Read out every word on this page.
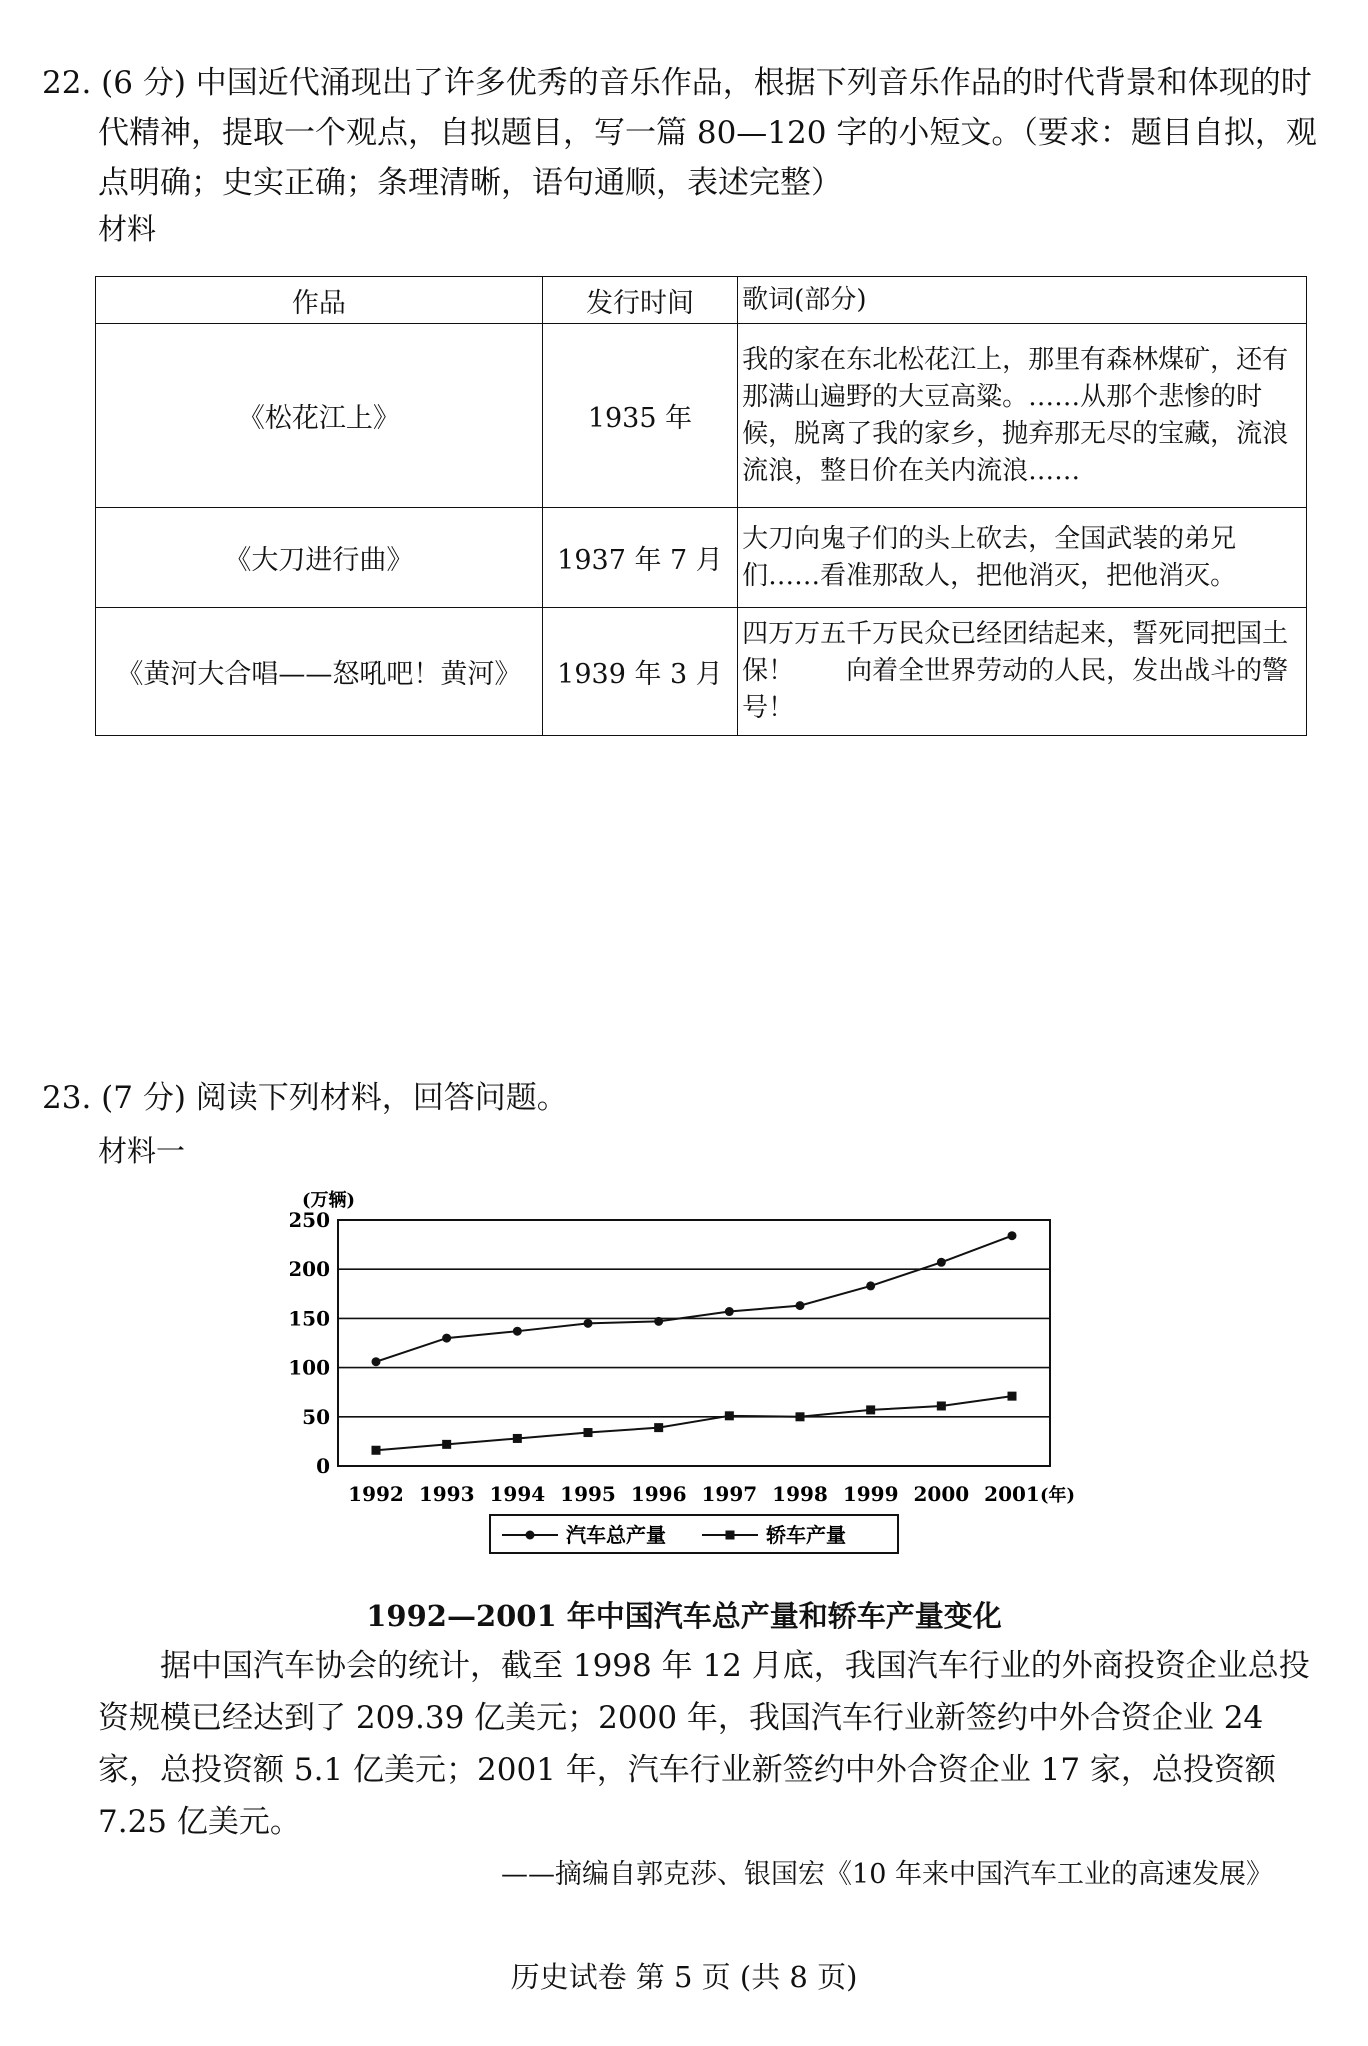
22. (6 分) 中国近代涌现出了许多优秀的音乐作品，根据下列音乐作品的时代背景和体现的时
代精神，提取一个观点，自拟题目，写一篇 80—120 字的小短文。（要求：题目自拟，观
点明确；史实正确；条理清晰，语句通顺，表述完整）
材料
作品	发行时间	歌词(部分)
《松花江上》	1935 年	我的家在东北松花江上，那里有森林煤矿，还有那满山遍野的大豆高粱。……从那个悲惨的时候，脱离了我的家乡，抛弃那无尽的宝藏，流浪流浪，整日价在关内流浪……
《大刀进行曲》	1937 年 7 月	大刀向鬼子们的头上砍去，全国武装的弟兄们……看准那敌人，把他消灭，把他消灭。
《黄河大合唱——怒吼吧！黄河》	1939 年 3 月	四万万五千万民众已经团结起来，誓死同把国土保！　　向着全世界劳动的人民，发出战斗的警号！
23. (7 分) 阅读下列材料，回答问题。
材料一
0
50
100
150
200
250
(万辆)
1992 1993 1994 1995 1996 1997 1998 1999 2000 2001 (年)
汽车总产量	轿车产量
1992—2001 年中国汽车总产量和轿车产量变化
据中国汽车协会的统计，截至 1998 年 12 月底，我国汽车行业的外商投资企业总投资规模已经达到了 209.39 亿美元；2000 年，我国汽车行业新签约中外合资企业 24 家，总投资额 5.1 亿美元；2001 年，汽车行业新签约中外合资企业 17 家，总投资额 7.25 亿美元。
——摘编自郭克莎、银国宏《10 年来中国汽车工业的高速发展》
历史试卷 第 5 页 (共 8 页)
